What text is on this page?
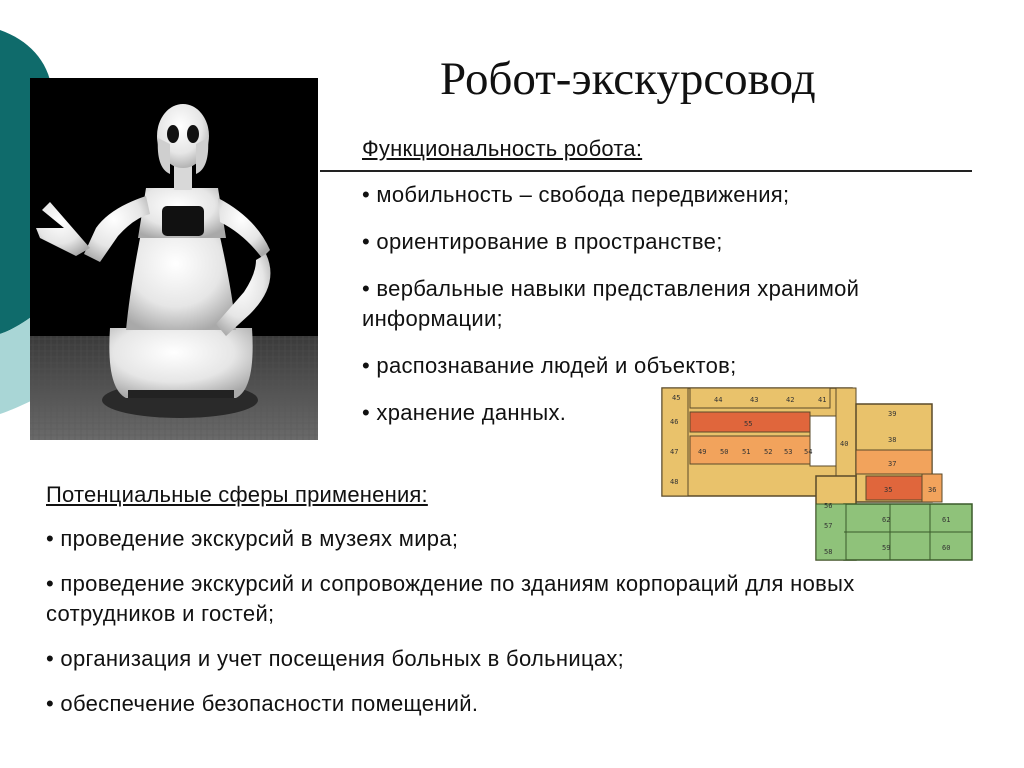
Робот-экскурсовод
Функциональность робота:
• мобильность – свобода передвижения;
• ориентирование в пространстве;
• вербальные навыки представления хранимой информации;
• распознавание людей и объектов;
• хранение данных.
45	44	43	42	41
40
39
38
37
36
35
55
46
47
48
49 50 51 52 53 54
56
57
58	59	60
61
62
Потенциальные сферы применения:
• проведение экскурсий в музеях мира;
• проведение экскурсий и сопровождение по зданиям корпораций для новых сотрудников и гостей;
• организация и учет посещения больных в больницах;
• обеспечение безопасности помещений.
